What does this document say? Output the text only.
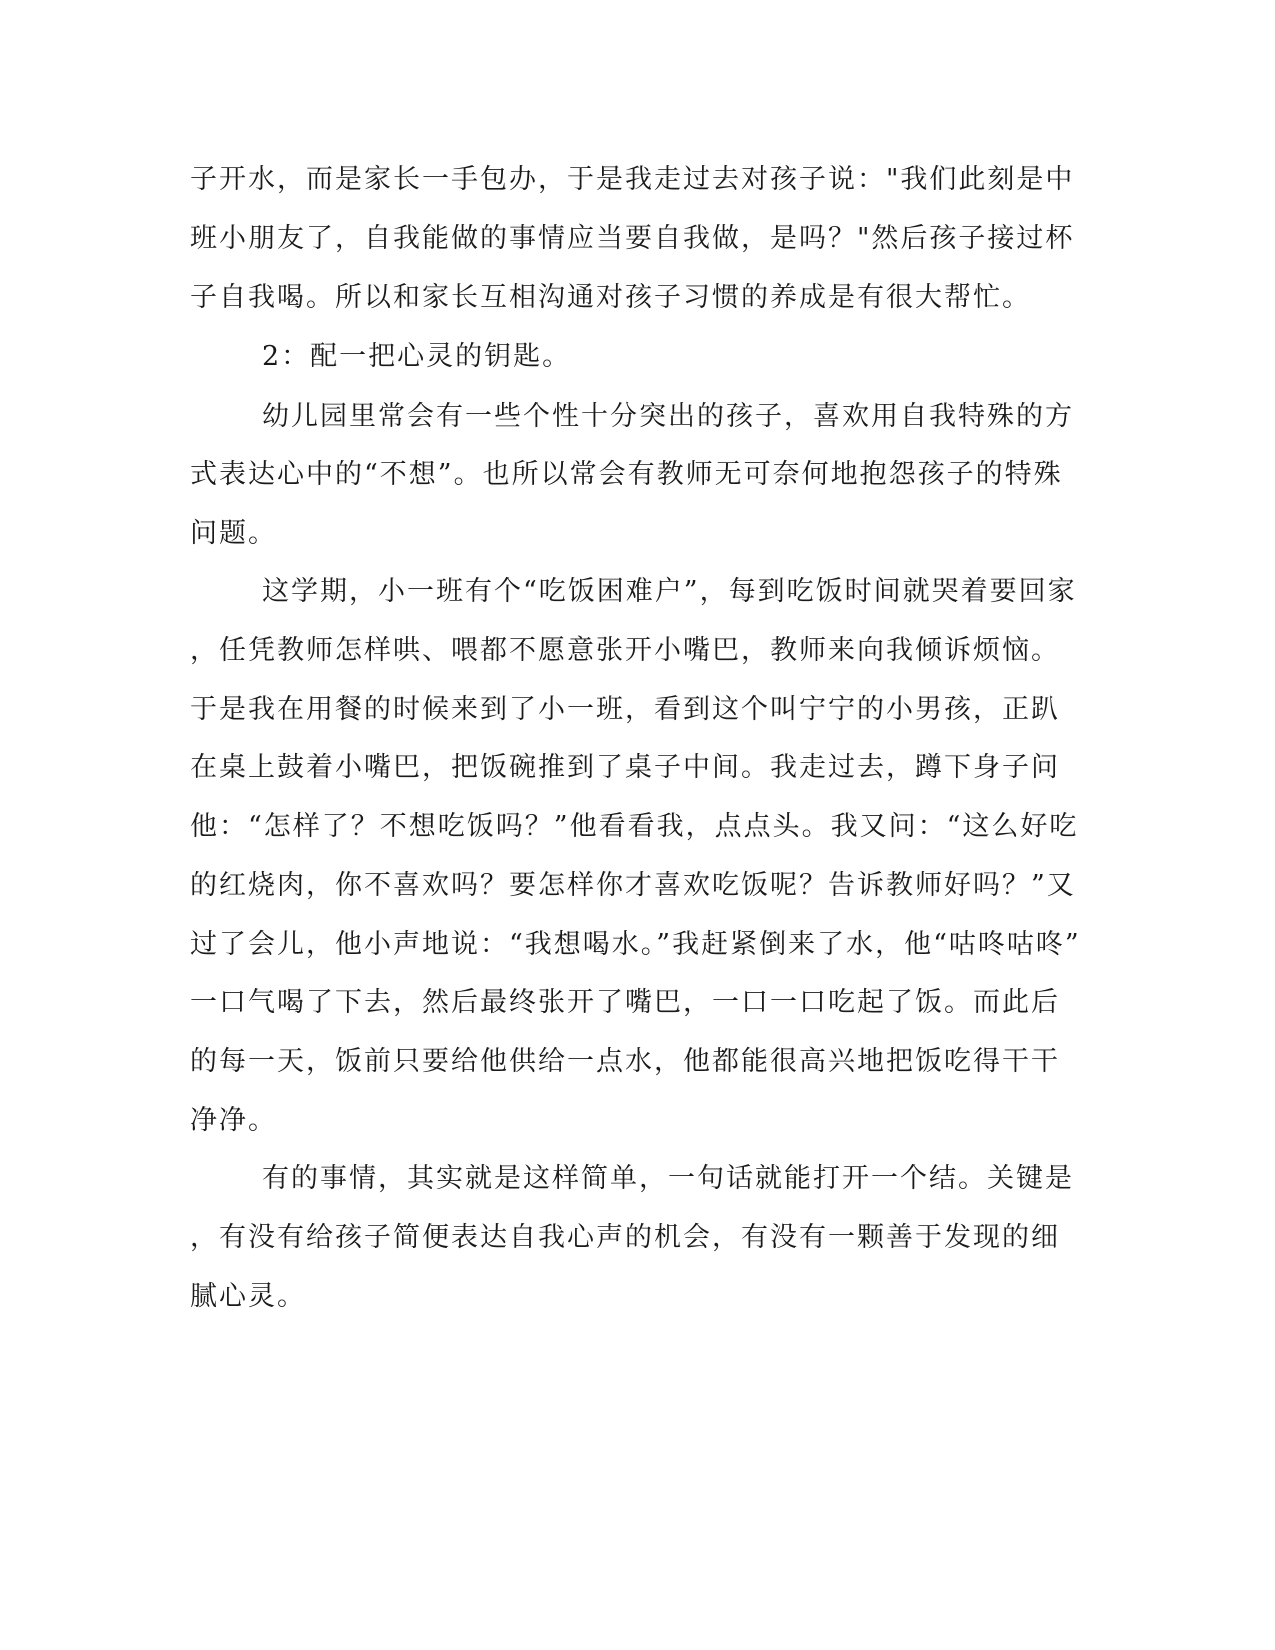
子开水，而是家长一手包办，于是我走过去对孩子说："我们此刻是中
班小朋友了，自我能做的事情应当要自我做，是吗？"然后孩子接过杯
子自我喝。所以和家长互相沟通对孩子习惯的养成是有很大帮忙。
2：配一把心灵的钥匙。
幼儿园里常会有一些个性十分突出的孩子，喜欢用自我特殊的方
式表达心中的“不想”。也所以常会有教师无可奈何地抱怨孩子的特殊
问题。
这学期，小一班有个“吃饭困难户”，每到吃饭时间就哭着要回家
，任凭教师怎样哄、喂都不愿意张开小嘴巴，教师来向我倾诉烦恼。
于是我在用餐的时候来到了小一班，看到这个叫宁宁的小男孩，正趴
在桌上鼓着小嘴巴，把饭碗推到了桌子中间。我走过去，蹲下身子问
他：“怎样了？不想吃饭吗？”他看看我，点点头。我又问：“这么好吃
的红烧肉，你不喜欢吗？要怎样你才喜欢吃饭呢？告诉教师好吗？”又
过了会儿，他小声地说：“我想喝水。”我赶紧倒来了水，他“咕咚咕咚”
一口气喝了下去，然后最终张开了嘴巴，一口一口吃起了饭。而此后
的每一天，饭前只要给他供给一点水，他都能很高兴地把饭吃得干干
净净。
有的事情，其实就是这样简单，一句话就能打开一个结。关键是
，有没有给孩子简便表达自我心声的机会，有没有一颗善于发现的细
腻心灵。
